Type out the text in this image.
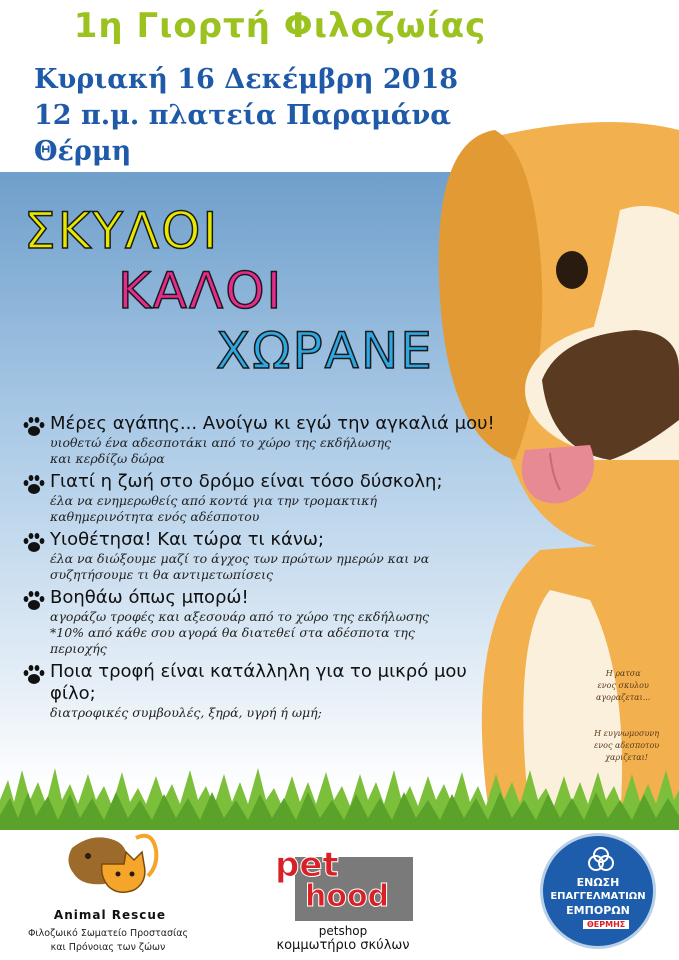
1η Γιορτή Φιλοζωίας

Κυριακή 16 Δεκέμβρη 2018

12 π.μ. πλατεία Παραμάνα

Θέρμη

Η ρατσα
ενος σκυλου
αγοραζεται...
Η ευγνωμοσυνη
ενος αδεσποτου
χαριζεται!

ΣΚΥΛΟΙ

ΚΑΛΟΙ

ΧΩΡΑΝΕ

Μέρες αγάπης... Ανοίγω κι εγώ την αγκαλιά μου!
υιοθετώ ένα αδεσποτάκι από το χώρο της εκδήλωσης
και κερδίζω δώρα
Γιατί η ζωή στο δρόμο είναι τόσο δύσκολη;
έλα να ενημερωθείς από κοντά για την τρομακτική
καθημερινότητα ενός αδέσποτου
Υιοθέτησα! Και τώρα τι κάνω;
έλα να διώξουμε μαζί το άγχος των πρώτων ημερών και να
συζητήσουμε τι θα αντιμετωπίσεις
Βοηθάω όπως μπορώ!
αγοράζω τροφές και αξεσουάρ από το χώρο της εκδήλωσης
*10% από κάθε σου αγορά θα διατεθεί στα αδέσποτα της
περιοχής
Ποια τροφή είναι κατάλληλη για το μικρό μου φίλο;
διατροφικές συμβουλές, ξηρά, υγρή ή ωμή;

Animal Rescue

Φιλοζωικό Σωματείο Προστασίας

και Πρόνοιας των ζώων

pet
hood

petshop

κομμωτήριο σκύλων

ΕΝΩΣΗ
ΕΠΑΓΓΕΛΜΑΤΙΩΝ
ΕΜΠΟΡΩΝ
ΘΕΡΜΗΣ
